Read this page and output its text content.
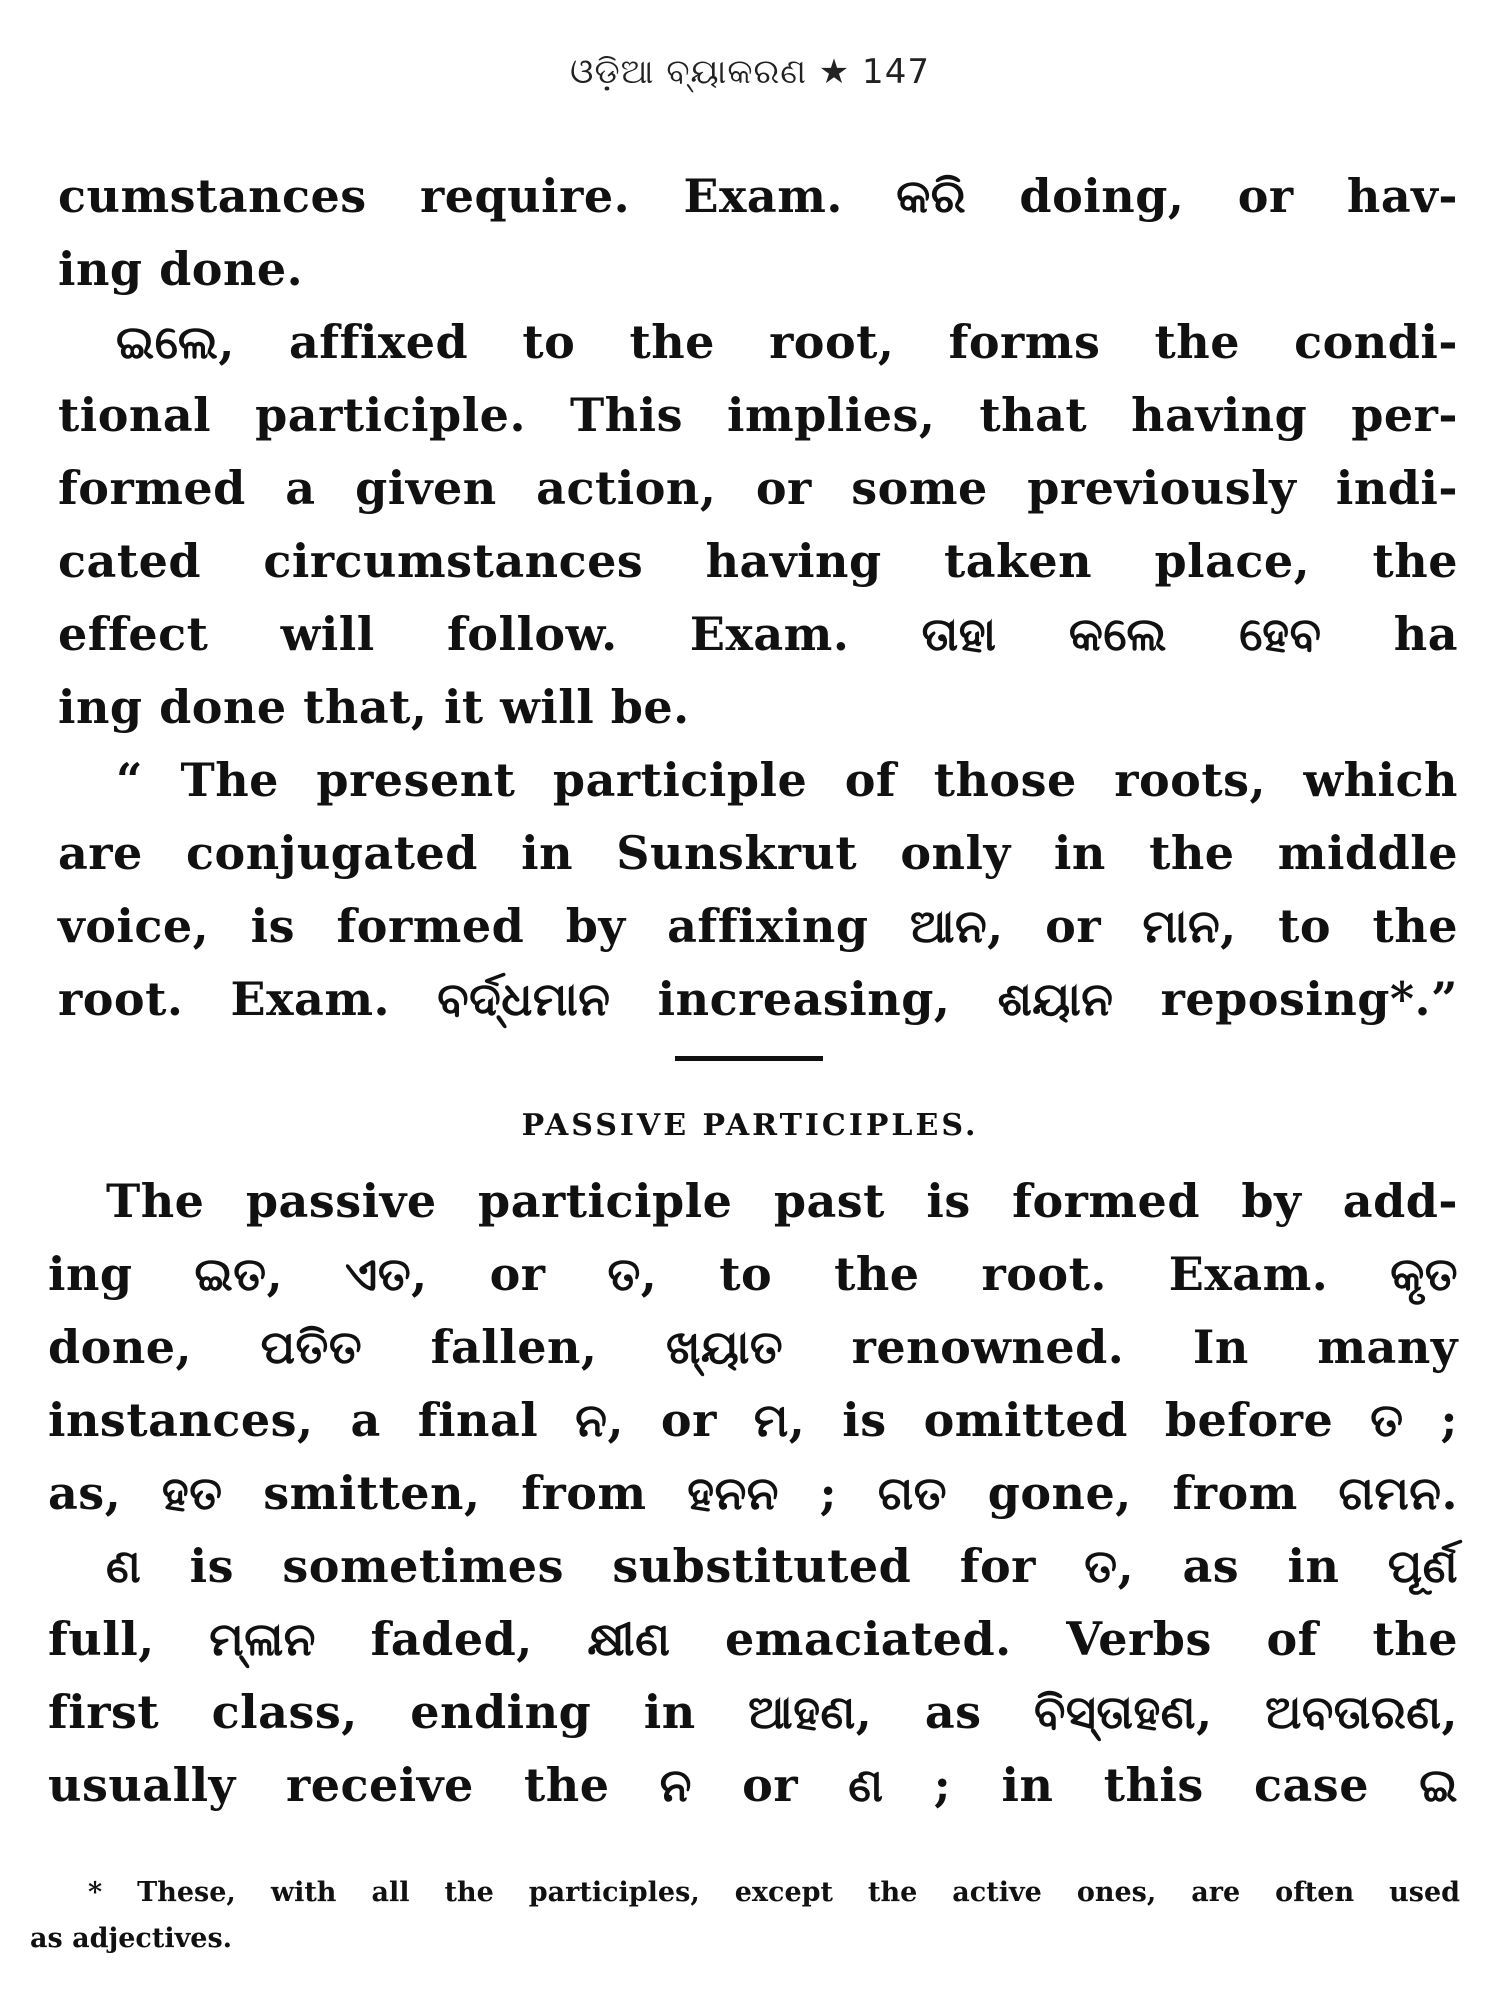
ଓଡ଼ିଆ ବ୍ୟାକରଣ ★ 147
cumstances require. Exam. କରି doing, or hav-
ing done.
ଇଲେ, affixed to the root, forms the condi-
tional participle. This implies, that having per-
formed a given action, or some previously indi-
cated circumstances having taken place, the
effect will follow. Exam. ତାହା କଲେ ହେବ ha
ing done that, it will be.
“ The present participle of those roots, which
are conjugated in Sunskrut only in the middle
voice, is formed by affixing ଆନ, or ମାନ, to the
root. Exam. ବର୍ଦ୍ଧମାନ increasing, ଶୟାନ reposing*.”
PASSIVE PARTICIPLES.
The passive participle past is formed by add-
ing ଇତ, ଏତ, or ତ, to the root. Exam. କୃତ
done, ପତିତ fallen, ଖ୍ୟାତ renowned. In many
instances, a final ନ, or ମ, is omitted before ତ ;
as, ହତ smitten, from ହନନ ; ଗତ gone, from ଗମନ.
ଣ is sometimes substituted for ତ, as in ପୂର୍ଣ
full, ମ୍ଳାନ faded, କ୍ଷୀଣ emaciated. Verbs of the
first class, ending in ଆହଣ, as ବିସ୍ତାହଣ, ଅବତାରଣ,
usually receive the ନ or ଣ ; in this case ଇ
* These, with all the participles, except the active ones, are often used
as adjectives.
